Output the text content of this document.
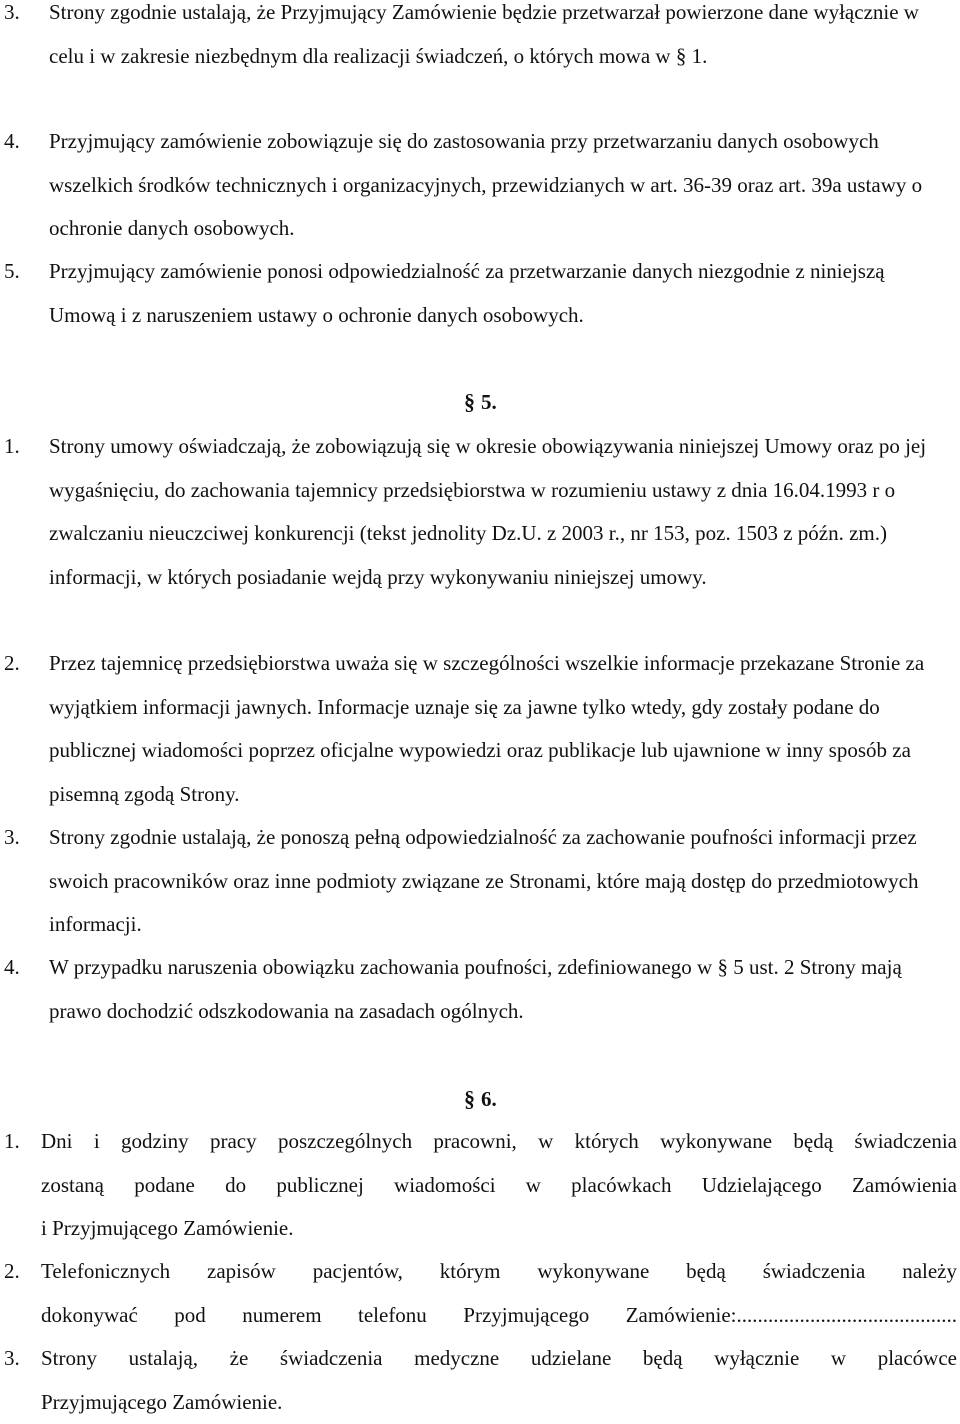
3. Strony zgodnie ustalają, że Przyjmujący Zamówienie będzie przetwarzał powierzone dane wyłącznie w celu i w zakresie niezbędnym dla realizacji świadczeń, o których mowa w § 1.

4. Przyjmujący zamówienie zobowiązuje się do zastosowania przy przetwarzaniu danych osobowych wszelkich środków technicznych i organizacyjnych, przewidzianych w art. 36-39 oraz art. 39a ustawy o ochronie danych osobowych.

5. Przyjmujący zamówienie ponosi odpowiedzialność za przetwarzanie danych niezgodnie z niniejszą Umową i z naruszeniem ustawy o ochronie danych osobowych.

§ 5.
1. Strony umowy oświadczają, że zobowiązują się w okresie obowiązywania niniejszej Umowy oraz po jej wygaśnięciu, do zachowania tajemnicy przedsiębiorstwa w rozumieniu ustawy z dnia 16.04.1993 r o zwalczaniu nieuczciwej konkurencji (tekst jednolity Dz.U. z 2003 r., nr 153, poz. 1503 z późn. zm.) informacji, w których posiadanie wejdą przy wykonywaniu niniejszej umowy.

2. Przez tajemnicę przedsiębiorstwa uważa się w szczególności wszelkie informacje przekazane Stronie za wyjątkiem informacji jawnych. Informacje uznaje się za jawne tylko wtedy, gdy zostały podane do publicznej wiadomości poprzez oficjalne wypowiedzi oraz publikacje lub ujawnione w inny sposób za pisemną zgodą Strony.

3. Strony zgodnie ustalają, że ponoszą pełną odpowiedzialność za zachowanie poufności informacji przez swoich pracowników oraz inne podmioty związane ze Stronami, które mają dostęp do przedmiotowych informacji.

4. W przypadku naruszenia obowiązku zachowania poufności, zdefiniowanego w § 5 ust. 2 Strony mają prawo dochodzić odszkodowania na zasadach ogólnych.

§ 6.
1. Dni i godziny pracy poszczególnych pracowni, w których wykonywane będą świadczenia
zostaną podane do publicznej wiadomości w placówkach Udzielającego Zamówienia
i Przyjmującego Zamówienie.
2. Telefonicznych zapisów pacjentów, którym wykonywane będą świadczenia należy
dokonywać pod numerem telefonu Przyjmującego Zamówienie:..........................................
3. Strony ustalają, że świadczenia medyczne udzielane będą wyłącznie w placówce
Przyjmującego Zamówienie.
